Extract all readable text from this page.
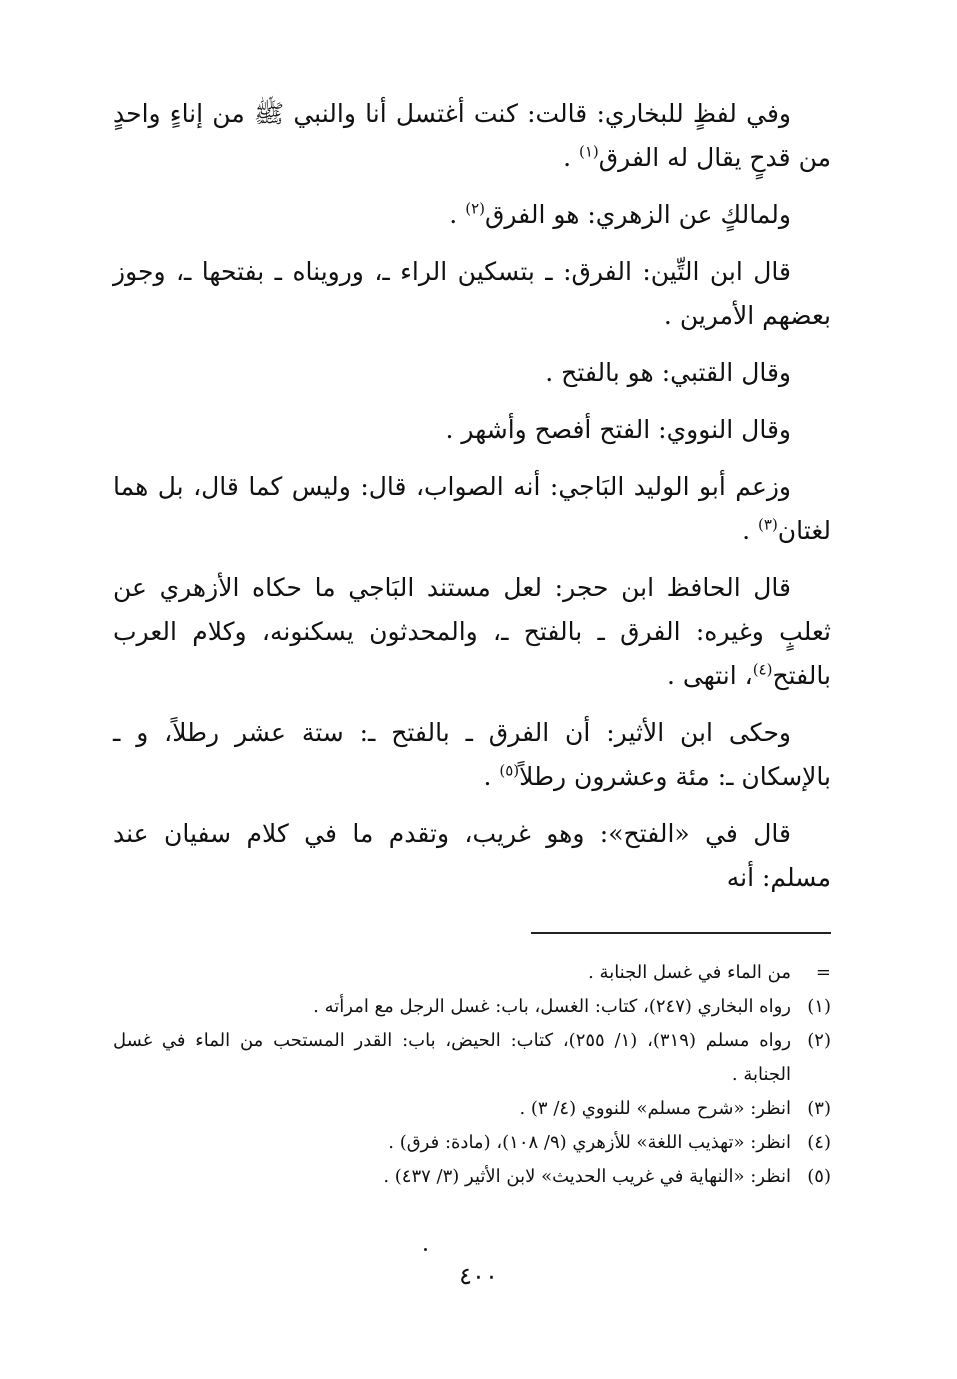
وفي لفظٍ للبخاري: قالت: كنت أغتسل أنا والنبي ﷺ من إناءٍ واحدٍ من قدحٍ يقال له الفرق$^{(١)}$ .

ولمالكٍ عن الزهري: هو الفرق$^{(٢)}$ .

قال ابن التِّين: الفرق: ـ بتسكين الراء ـ، ورويناه ـ بفتحها ـ، وجوز بعضهم الأمرين .

وقال القتبي: هو بالفتح .

وقال النووي: الفتح أفصح وأشهر .

وزعم أبو الوليد البَاجي: أنه الصواب، قال: وليس كما قال، بل هما لغتان$^{(٣)}$ .

قال الحافظ ابن حجر: لعل مستند البَاجي ما حكاه الأزهري عن ثعلبٍ وغيره: الفرق ـ بالفتح ـ، والمحدثون يسكنونه، وكلام العرب بالفتح$^{(٤)}$، انتهى .

وحكى ابن الأثير: أن الفرق ـ بالفتح ـ: ستة عشر رطلاً، و ـ بالإسكان ـ: مئة وعشرون رطلاً$^{(٥)}$ .

قال في «الفتح»: وهو غريب، وتقدم ما في كلام سفيان عند مسلم: أنه

=
من الماء في غسل الجنابة .
(١)
رواه البخاري (٢٤٧)، كتاب: الغسل، باب: غسل الرجل مع امرأته .
(٢)
رواه مسلم (٣١٩)، (١/ ٢٥٥)، كتاب: الحيض، باب: القدر المستحب من الماء في غسل الجنابة .
(٣)
انظر: «شرح مسلم» للنووي (٤/ ٣) .
(٤)
انظر: «تهذيب اللغة» للأزهري (٩/ ١٠٨)، (مادة: فرق) .
(٥)
انظر: «النهاية في غريب الحديث» لابن الأثير (٣/ ٤٣٧) .
٤٠٠
